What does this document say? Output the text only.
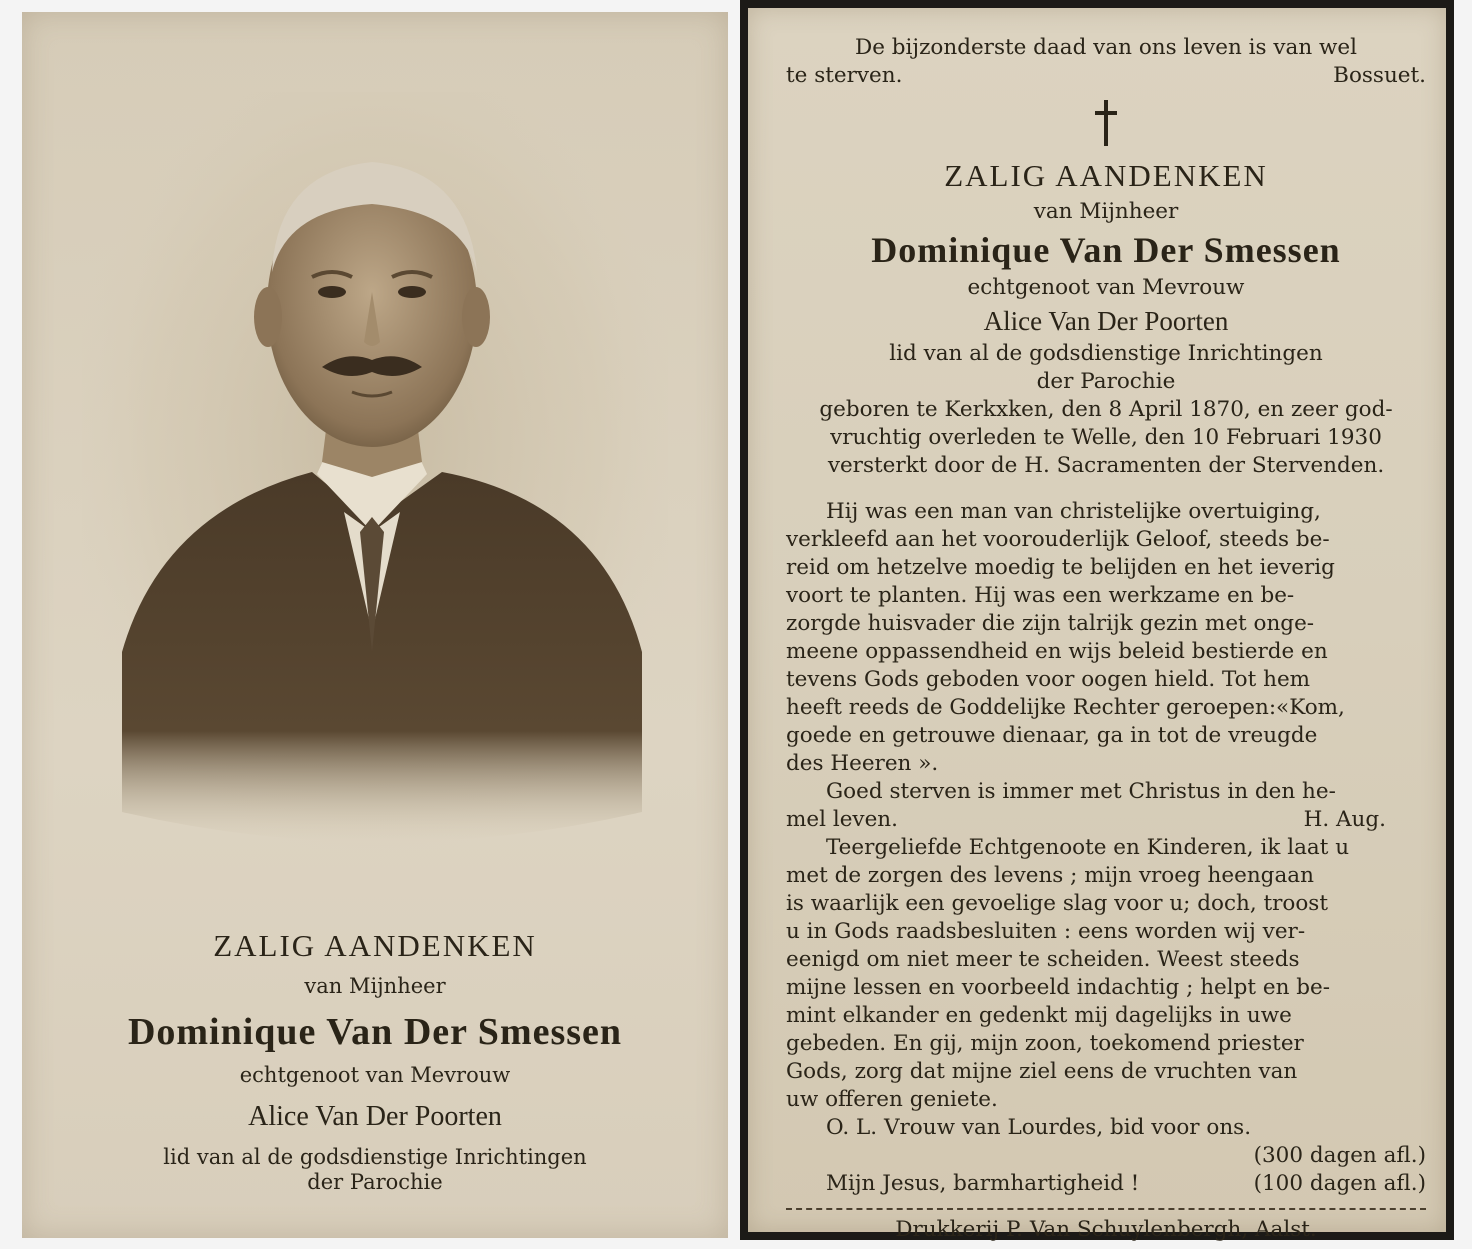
ZALIG AANDENKEN
van Mijnheer
Dominique Van Der Smessen
echtgenoot van Mevrouw
Alice Van Der Poorten
lid van al de godsdienstige Inrichtingen
der Parochie
De bijzonderste daad van ons leven is van wel
te sterven.	Bossuet.
ZALIG AANDENKEN
van Mijnheer
Dominique Van Der Smessen
echtgenoot van Mevrouw
Alice Van Der Poorten
lid van al de godsdienstige Inrichtingen
der Parochie
geboren te Kerkxken, den 8 April 1870, en zeer god-
vruchtig overleden te Welle, den 10 Februari 1930
versterkt door de H. Sacramenten der Stervenden.
Hij was een man van christelijke overtuiging,
verkleefd aan het voorouderlijk Geloof, steeds be-
reid om hetzelve moedig te belijden en het ieverig
voort te planten. Hij was een werkzame en be-
zorgde huisvader die zijn talrijk gezin met onge-
meene oppassendheid en wijs beleid bestierde en
tevens Gods geboden voor oogen hield. Tot hem
heeft reeds de Goddelijke Rechter geroepen:«Kom,
goede en getrouwe dienaar, ga in tot de vreugde
des Heeren ».
Goed sterven is immer met Christus in den he-
mel leven.	H. Aug.
Teergeliefde Echtgenoote en Kinderen, ik laat u
met de zorgen des levens ; mijn vroeg heengaan
is waarlijk een gevoelige slag voor u; doch, troost
u in Gods raadsbesluiten : eens worden wij ver-
eenigd om niet meer te scheiden. Weest steeds
mijne lessen en voorbeeld indachtig ; helpt en be-
mint elkander en gedenkt mij dagelijks in uwe
gebeden. En gij, mijn zoon, toekomend priester
Gods, zorg dat mijne ziel eens de vruchten van
uw offeren geniete.
O. L. Vrouw van Lourdes, bid voor ons.
(300 dagen afl.)
Mijn Jesus, barmhartigheid !	(100 dagen afl.)
Drukkerij P. Van Schuylenbergh, Aalst.
